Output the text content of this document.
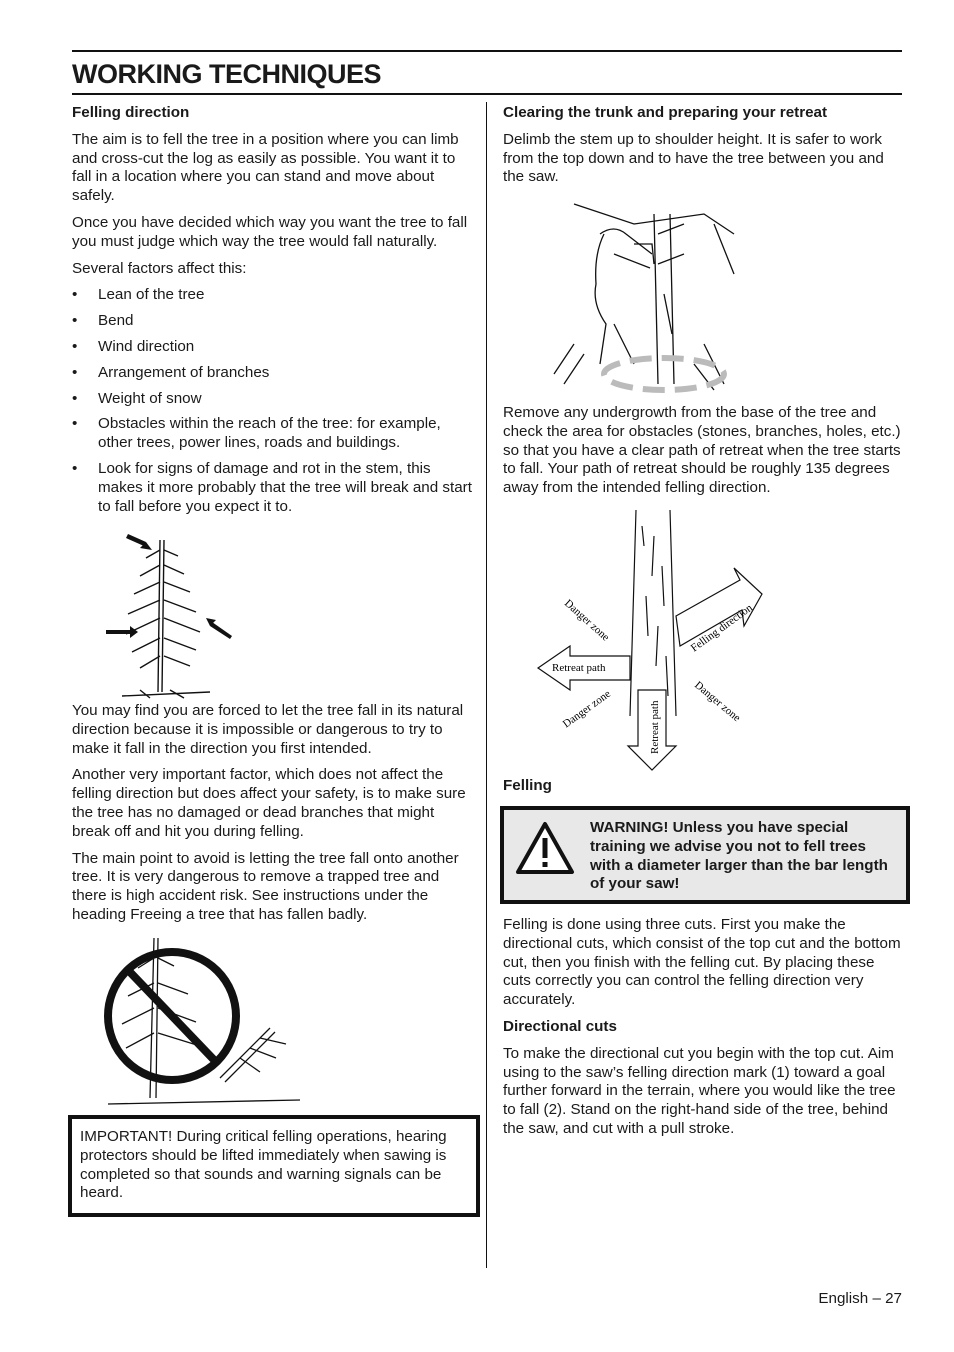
WORKING TECHNIQUES
Felling direction

The aim is to fell the tree in a position where you can limb and cross-cut the log as easily as possible. You want it to fall in a location where you can stand and move about safely.

Once you have decided which way you want the tree to fall you must judge which way the tree would fall naturally.

Several factors affect this:

• Lean of the tree
• Bend
• Wind direction
• Arrangement of branches
• Weight of snow
• Obstacles within the reach of the tree: for example, other trees, power lines, roads and buildings.
• Look for signs of damage and rot in the stem, this makes it more probably that the tree will break and start to fall before you expect it to.

You may find you are forced to let the tree fall in its natural direction because it is impossible or dangerous to try to make it fall in the direction you first intended.

Another very important factor, which does not affect the felling direction but does affect your safety, is to make sure the tree has no damaged or dead branches that might break off and hit you during felling.

The main point to avoid is letting the tree fall onto another tree. It is very dangerous to remove a trapped tree and there is high accident risk. See instructions under the heading Freeing a tree that has fallen badly.

IMPORTANT! During critical felling operations, hearing protectors should be lifted immediately when sawing is completed so that sounds and warning signals can be heard.
Clearing the trunk and preparing your retreat

Delimb the stem up to shoulder height. It is safer to work from the top down and to have the tree between you and the saw.

Remove any undergrowth from the base of the tree and check the area for obstacles (stones, branches, holes, etc.) so that you have a clear path of retreat when the tree starts to fall. Your path of retreat should be roughly 135 degrees away from the intended felling direction.

Danger zone	Felling direction
Retreat path
Danger zone	Danger zone
Retreat path
Felling
WARNING! Unless you have special training we advise you not to fell trees with a diameter larger than the bar length of your saw!

Felling is done using three cuts. First you make the directional cuts, which consist of the top cut and the bottom cut, then you finish with the felling cut. By placing these cuts correctly you can control the felling direction very accurately.

Directional cuts

To make the directional cut you begin with the top cut. Aim using to the saw’s felling direction mark (1) toward a goal further forward in the terrain, where you would like the tree to fall (2). Stand on the right-hand side of the tree, behind the saw, and cut with a pull stroke.

English – 27
